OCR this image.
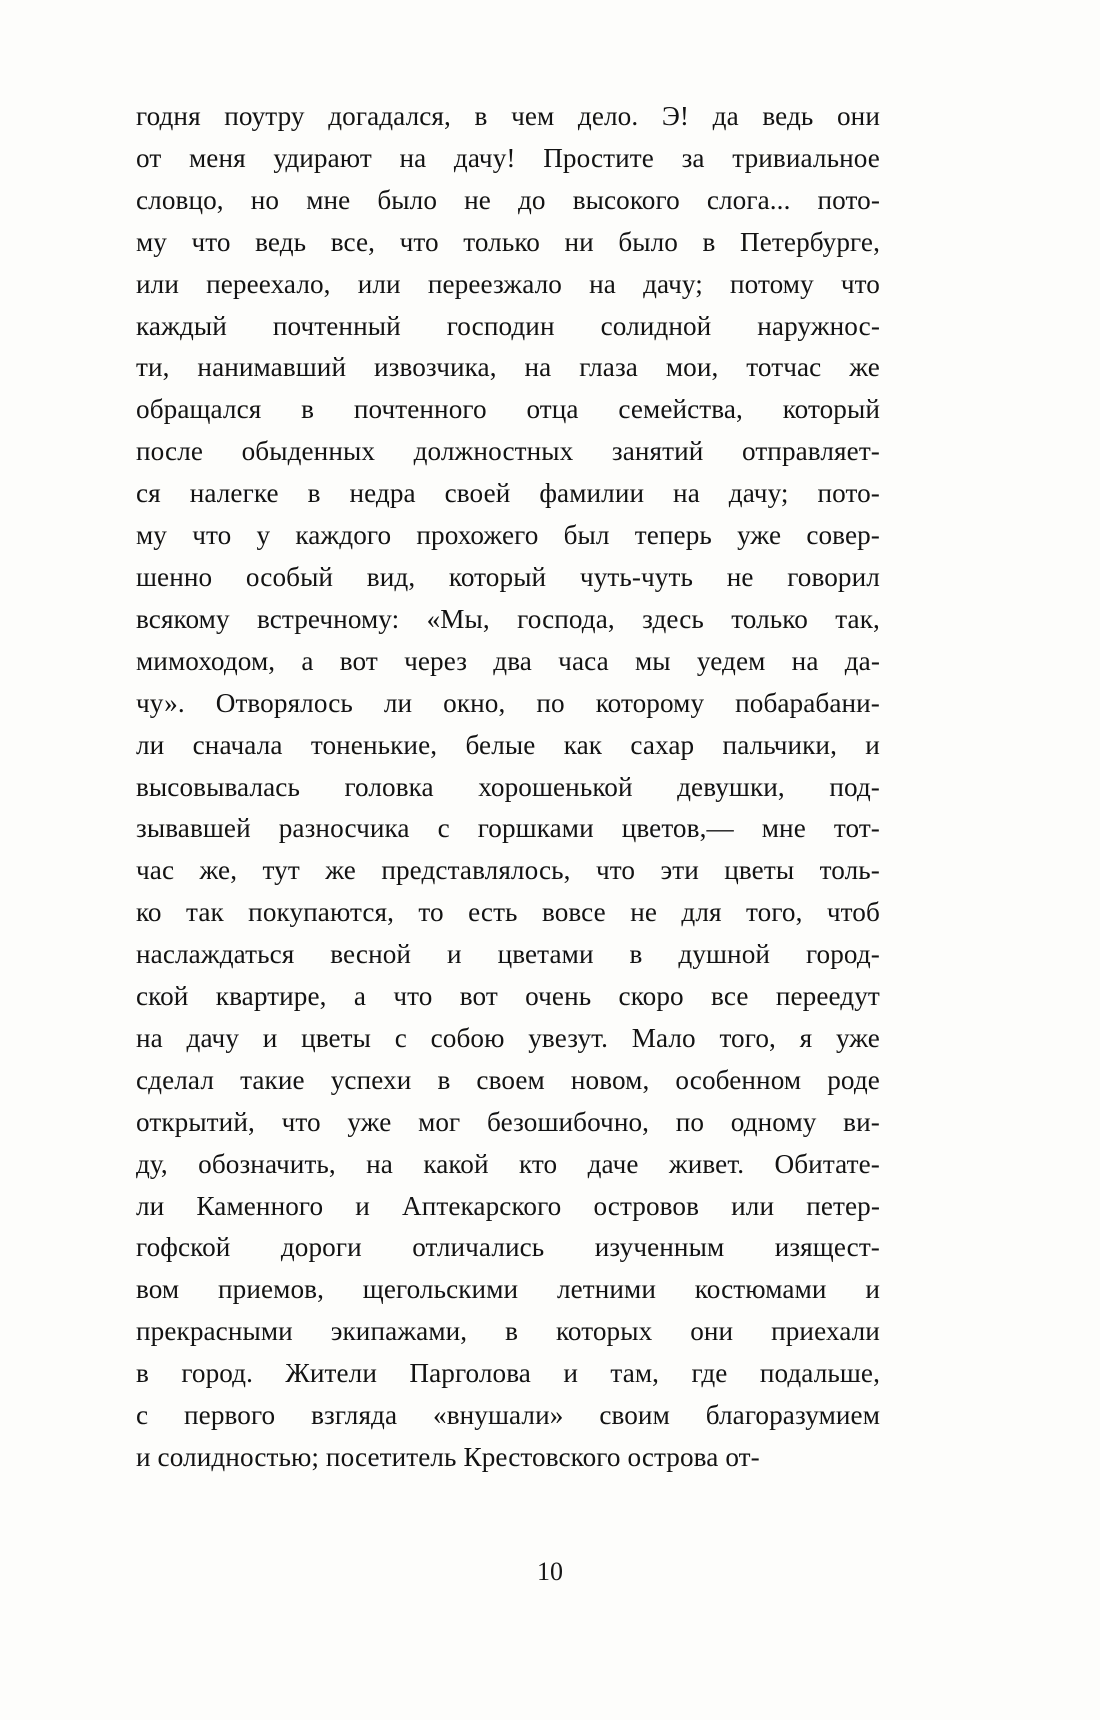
годня поутру догадался, в чем дело. Э! да ведь они
от меня удирают на дачу! Простите за тривиальное
словцо, но мне было не до высокого слога... пото-
му что ведь все, что только ни было в Петербурге,
или переехало, или переезжало на дачу; потому что
каждый почтенный господин солидной наружнос-
ти, нанимавший извозчика, на глаза мои, тотчас же
обращался в почтенного отца семейства, который
после обыденных должностных занятий отправляет-
ся налегке в недра своей фамилии на дачу; пото-
му что у каждого прохожего был теперь уже совер-
шенно особый вид, который чуть-чуть не говорил
всякому встречному: «Мы, господа, здесь только так,
мимоходом, а вот через два часа мы уедем на да-
чу». Отворялось ли окно, по которому побарабани-
ли сначала тоненькие, белые как сахар пальчики, и
высовывалась головка хорошенькой девушки, под-
зывавшей разносчика с горшками цветов,— мне тот-
час же, тут же представлялось, что эти цветы толь-
ко так покупаются, то есть вовсе не для того, чтоб
наслаждаться весной и цветами в душной город-
ской квартире, а что вот очень скоро все переедут
на дачу и цветы с собою увезут. Мало того, я уже
сделал такие успехи в своем новом, особенном роде
открытий, что уже мог безошибочно, по одному ви-
ду, обозначить, на какой кто даче живет. Обитате-
ли Каменного и Аптекарского островов или петер-
гофской дороги отличались изученным изящест-
вом приемов, щегольскими летними костюмами и
прекрасными экипажами, в которых они приехали
в город. Жители Парголова и там, где подальше,
с первого взгляда «внушали» своим благоразумием
и солидностью; посетитель Крестовского острова от-
10
